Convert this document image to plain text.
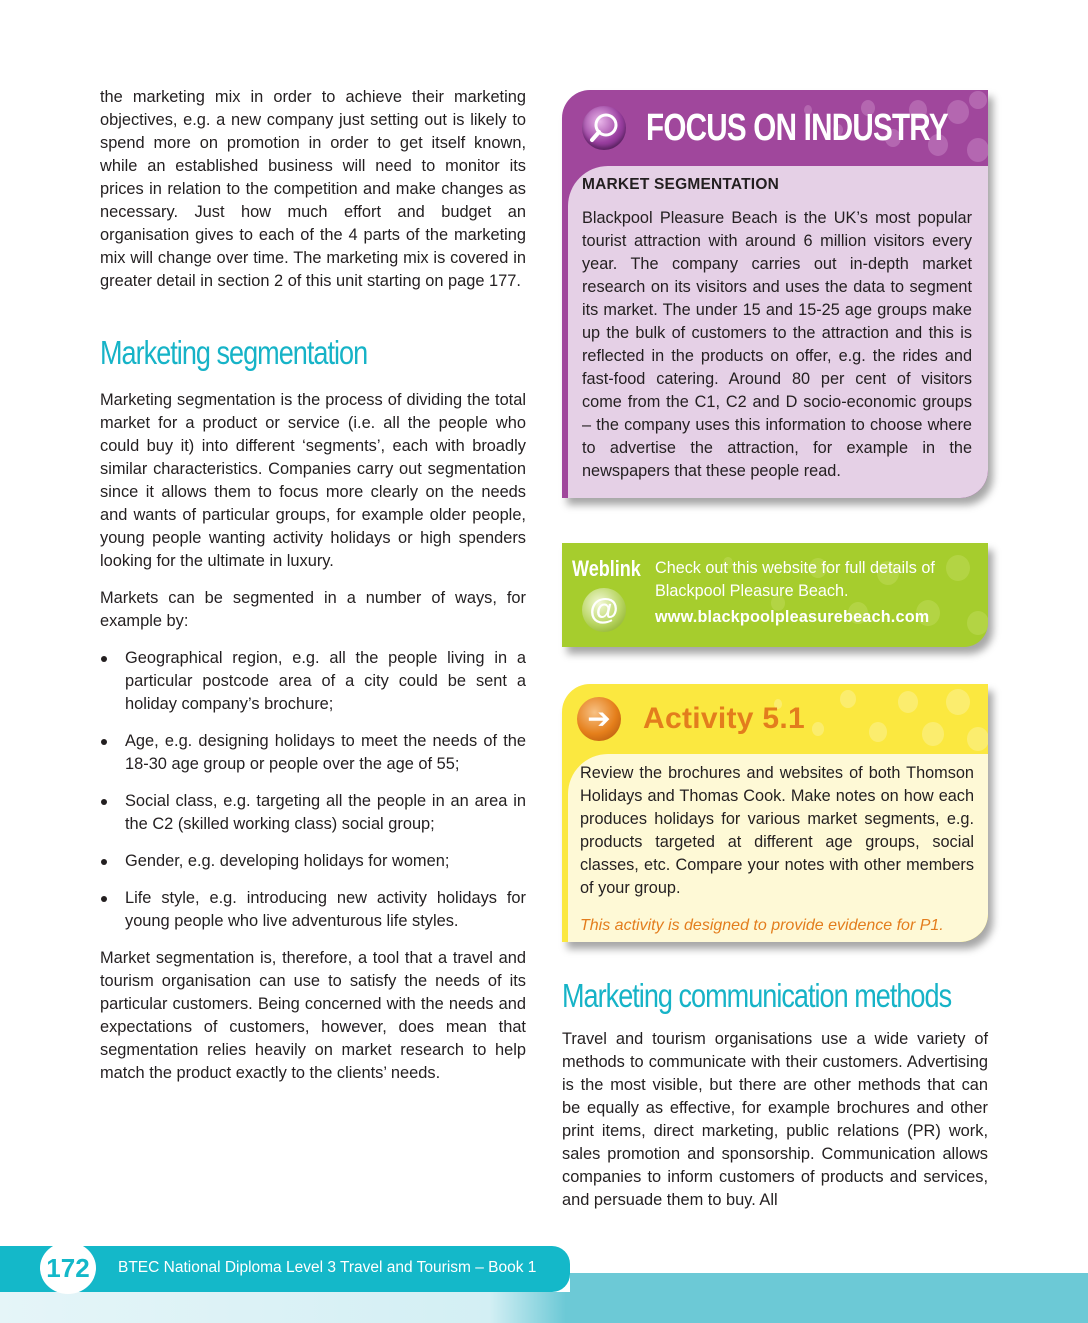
the marketing mix in order to achieve their marketing objectives, e.g. a new company just setting out is likely to spend more on promotion in order to get itself known, while an established business will need to monitor its prices in relation to the competition and make changes as necessary. Just how much effort and budget an organisation gives to each of the 4 parts of the marketing mix will change over time. The marketing mix is covered in greater detail in section 2 of this unit starting on page 177.

Marketing segmentation

Marketing segmentation is the process of dividing the total market for a product or service (i.e. all the people who could buy it) into different ‘segments’, each with broadly similar characteristics. Companies carry out segmentation since it allows them to focus more clearly on the needs and wants of particular groups, for example older people, young people wanting activity holidays or high spenders looking for the ultimate in luxury.

Markets can be segmented in a number of ways, for example by:

Geographical region, e.g. all the people living in a particular postcode area of a city could be sent a holiday company’s brochure;
Age, e.g. designing holidays to meet the needs of the 18-30 age group or people over the age of 55;
Social class, e.g. targeting all the people in an area in the C2 (skilled working class) social group;
Gender, e.g. developing holidays for women;
Life style, e.g. introducing new activity holidays for young people who live adventurous life styles.

Market segmentation is, therefore, a tool that a travel and tourism organisation can use to satisfy the needs of its particular customers. Being concerned with the needs and expectations of customers, however, does mean that segmentation relies heavily on market research to help match the product exactly to the clients’ needs.

FOCUS ON INDUSTRY
MARKET SEGMENTATION

Blackpool Pleasure Beach is the UK’s most popular tourist attraction with around 6 million visitors every year. The company carries out in-depth market research on its visitors and uses the data to segment its market. The under 15 and 15-25 age groups make up the bulk of customers to the attraction and this is reflected in the products on offer, e.g. the rides and fast-food catering. Around 80 per cent of visitors come from the C1, C2 and D socio-economic groups – the company uses this information to choose where to advertise the attraction, for example in the newspapers that these people read.

Weblink
@
Check out this website for full details of Blackpool Pleasure Beach.
www.blackpoolpleasurebeach.com
➔	Activity 5.1

Review the brochures and websites of both Thomson Holidays and Thomas Cook. Make notes on how each produces holidays for various market segments, e.g. products targeted at different age groups, social classes, etc. Compare your notes with other members of your group.

This activity is designed to provide evidence for P1.

Marketing communication methods

Travel and tourism organisations use a wide variety of methods to communicate with their customers. Advertising is the most visible, but there are other methods that can be equally as effective, for example brochures and other print items, direct marketing, public relations (PR) work, sales promotion and sponsorship. Communication allows companies to inform customers of products and services, and persuade them to buy. All

172	BTEC National Diploma Level 3 Travel and Tourism – Book 1
